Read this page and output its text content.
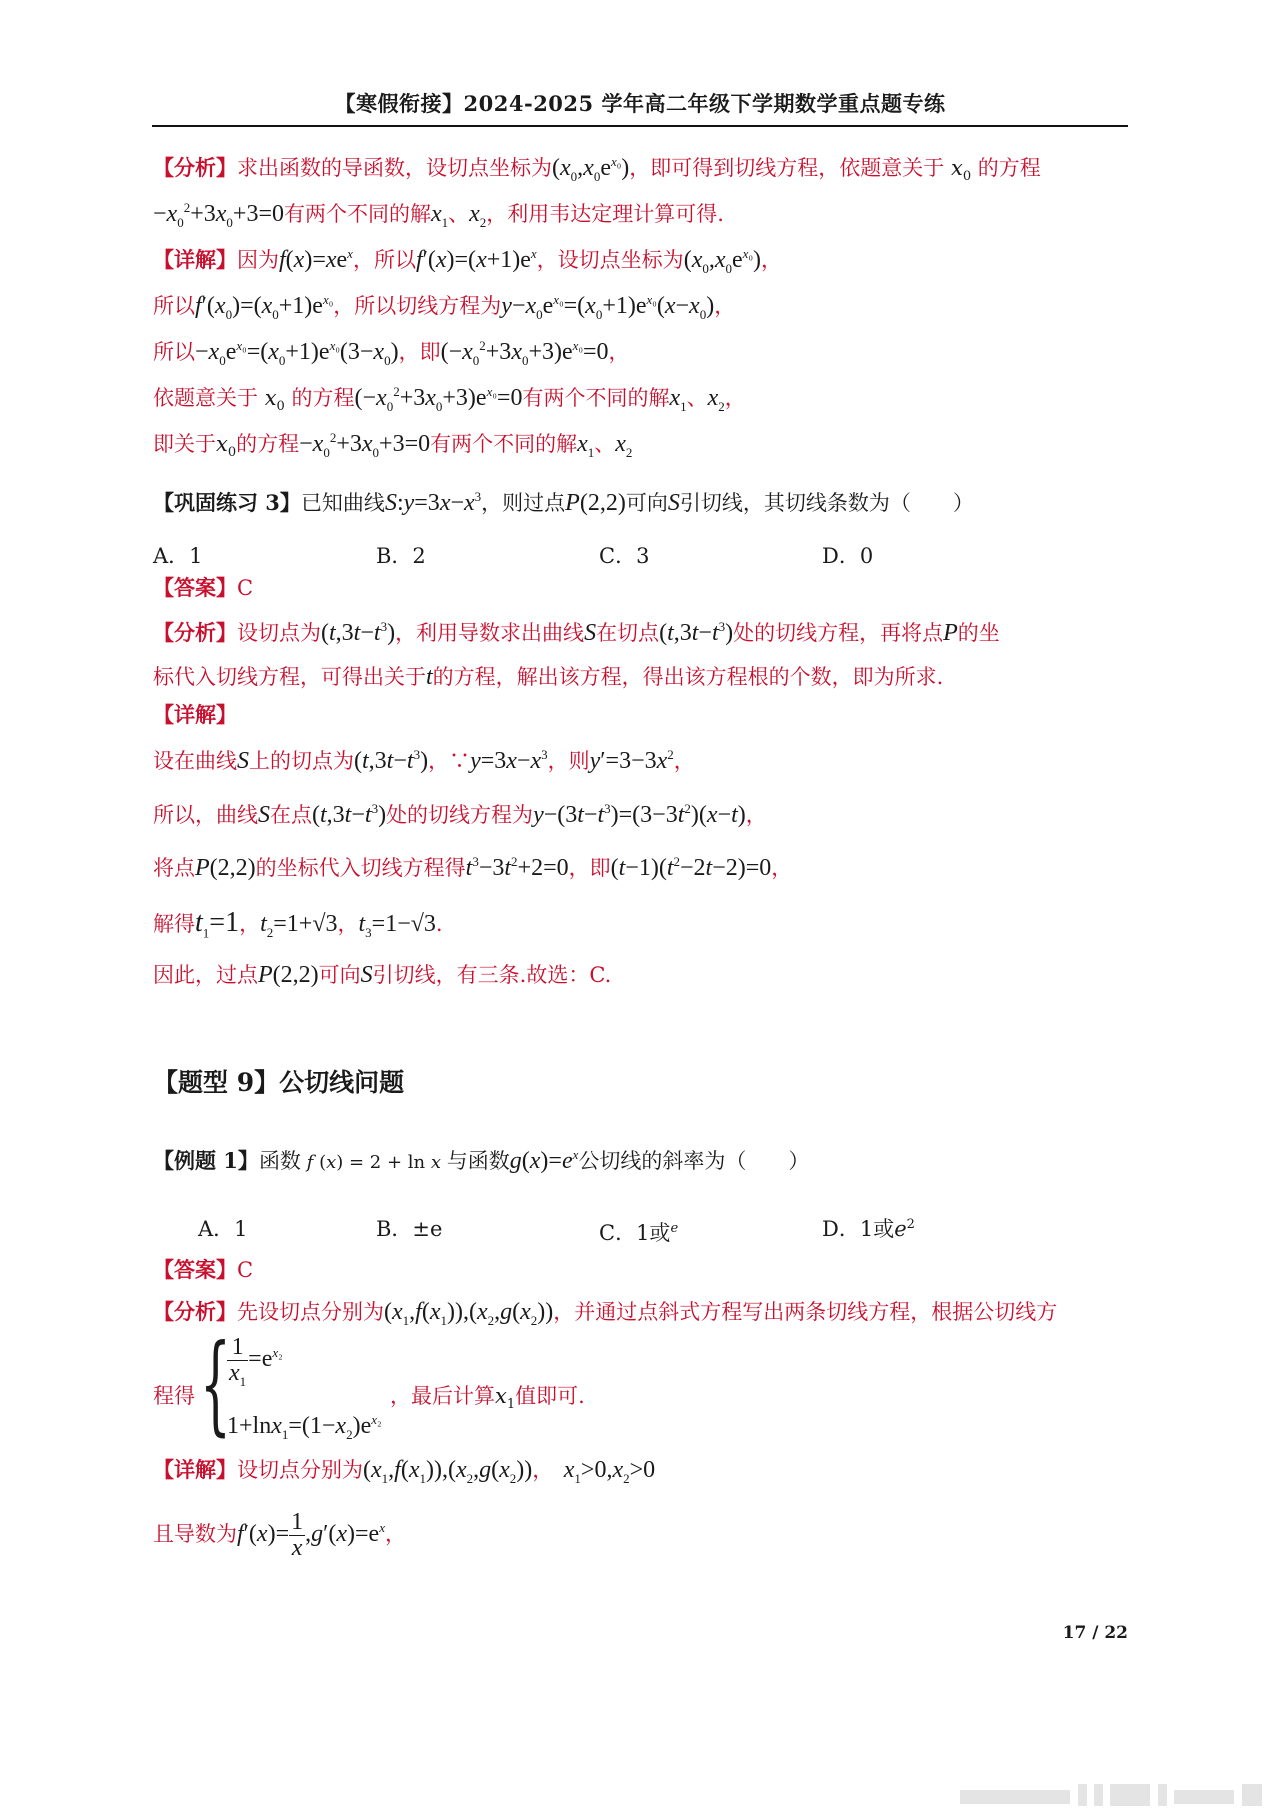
【寒假衔接】2024-2025 学年高二年级下学期数学重点题专练
【分析】求出函数的导函数，设切点坐标为$(x_0,x_0e^{x_0})$，即可得到切线方程，依题意关于 $x_0$ 的方程
$-x_0^2+3x_0+3=0$有两个不同的解$x_1$、$x_2$，利用韦达定理计算可得.
【详解】因为$f(x)=xe^x$，所以$f'(x)=(x+1)e^x$，设切点坐标为$(x_0,x_0e^{x_0})$，
所以$f'(x_0)=(x_0+1)e^{x_0}$，所以切线方程为$y-x_0e^{x_0}=(x_0+1)e^{x_0}(x-x_0)$，
所以$-x_0e^{x_0}=(x_0+1)e^{x_0}(3-x_0)$，即$(-x_0^2+3x_0+3)e^{x_0}=0$，
依题意关于 $x_0$ 的方程$(-x_0^2+3x_0+3)e^{x_0}=0$有两个不同的解$x_1$、$x_2$，
即关于$x_0$的方程$-x_0^2+3x_0+3=0$有两个不同的解$x_1$、$x_2$
【巩固练习 3】已知曲线$S:y=3x-x^3$，则过点P(2,2)可向S引切线，其切线条数为（　　）
A．1	B．2	C．3	D．0
【答案】C
【分析】设切点为$(t,3t-t^3)$，利用导数求出曲线S在切点$(t,3t-t^3)$处的切线方程，再将点P的坐
标代入切线方程，可得出关于t的方程，解出该方程，得出该方程根的个数，即为所求.
【详解】
设在曲线S上的切点为$(t,3t-t^3)$，$\because y=3x-x^3$，则$y'=3-3x^2$，
所以，曲线S在点$(t,3t-t^3)$处的切线方程为$y-(3t-t^3)=(3-3t^2)(x-t)$，
将点P(2,2)的坐标代入切线方程得$t^3-3t^2+2=0$，即$(t-1)(t^2-2t-2)=0$，
解得$t_1=1$，$t_2=1+√3$，$t_3=1-√3$.
因此，过点P(2,2)可向S引切线，有三条.故选：C.
【题型 9】公切线问题
【例题 1】函数 f (x) = 2 + ln x 与函数$g(x)=e^x$公切线的斜率为（　　）
A．1	B．±e	C．1或$^e$	D．1或$e^2$
【答案】C
【分析】先设切点分别为$(x_1,f(x_1)),(x_2,g(x_2))$，并通过点斜式方程写出两条切线方程，根据公切线方
程得 {
$\frac{1}{x_1} =e^{x_2}$
$1+\ln x_1=(1-x_2)e^{x_2}$
，最后计算$x_1$值即可.
【详解】设切点分别为$(x_1,f(x_1)),(x_2,g(x_2))$，　$x_1>0,x_2>0$
且导数为$f'(x)= \frac{1}{x} ,g'(x)=e^x$，
17 / 22
